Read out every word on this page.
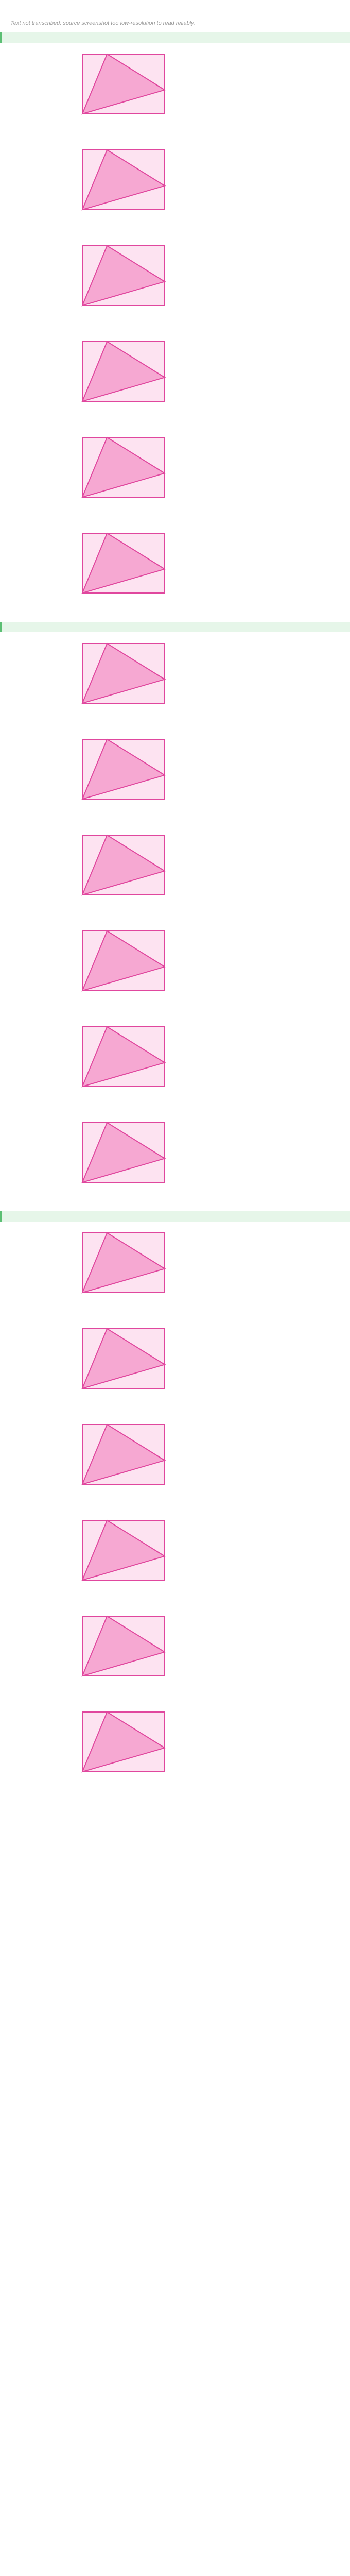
Text not transcribed: source screenshot too low-resolution to read reliably.
